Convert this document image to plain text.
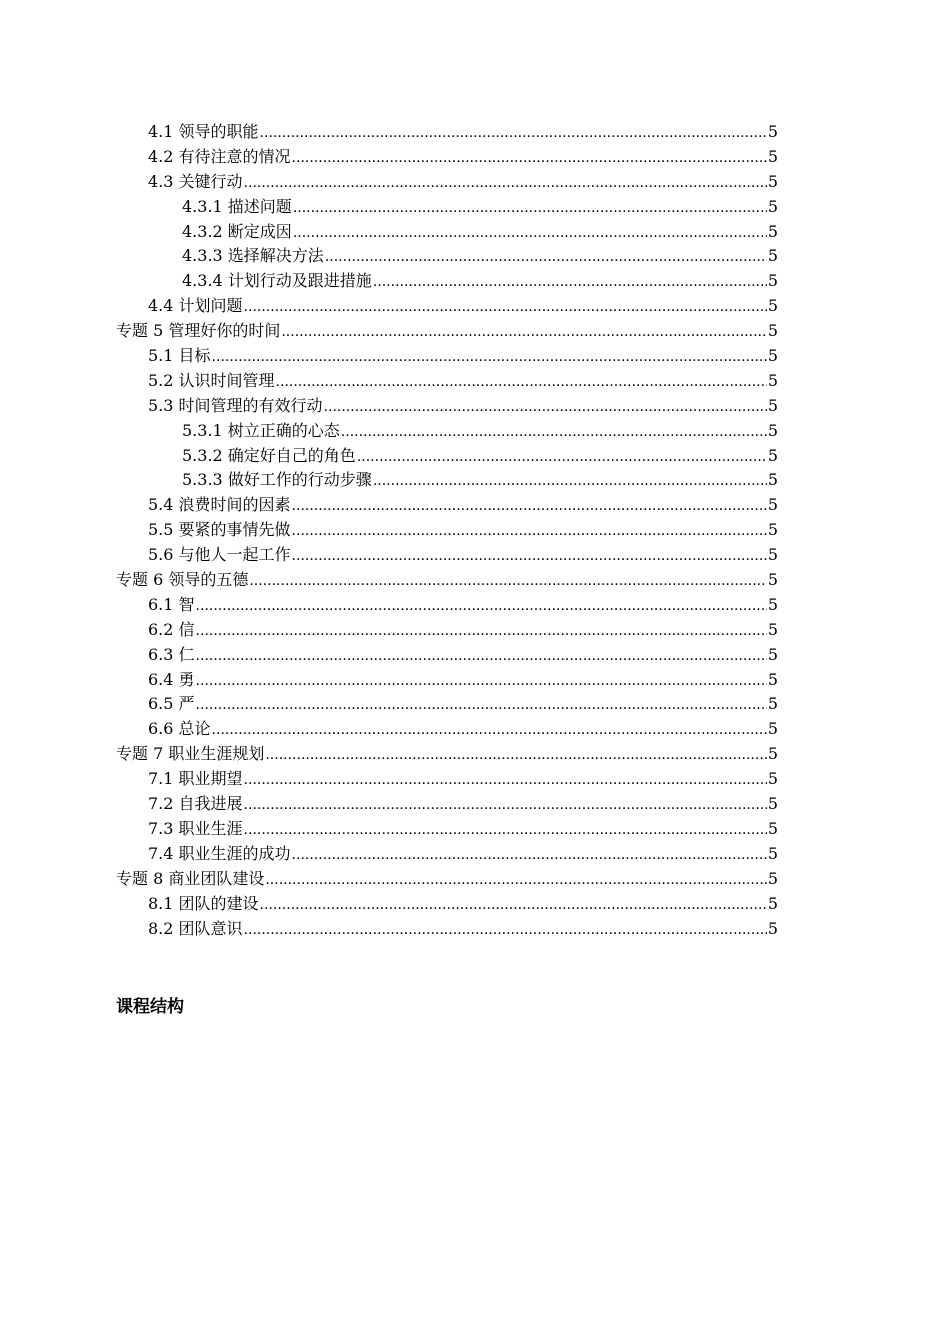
4.1 领导的职能 .....	5
4.2 有待注意的情况 .....	5
4.3 关键行动 .....	5
4.3.1 描述问题 .....	5
4.3.2 断定成因 .....	5
4.3.3 选择解决方法 .....	5
4.3.4 计划行动及跟进措施 .....	5
4.4 计划问题 .....	5
专题 5 管理好你的时间 .....	5
5.1 目标 .....	5
5.2 认识时间管理 .....	5
5.3 时间管理的有效行动 .....	5
5.3.1 树立正确的心态 .....	5
5.3.2 确定好自己的角色 .....	5
5.3.3 做好工作的行动步骤 .....	5
5.4 浪费时间的因素 .....	5
5.5 要紧的事情先做 .....	5
5.6 与他人一起工作 .....	5
专题 6 领导的五德 .....	5
6.1 智 .....	5
6.2 信 .....	5
6.3 仁 .....	5
6.4 勇 .....	5
6.5 严 .....	5
6.6 总论 .....	5
专题 7 职业生涯规划 .....	5
7.1 职业期望 .....	5
7.2 自我进展 .....	5
7.3 职业生涯 .....	5
7.4 职业生涯的成功 .....	5
专题 8 商业团队建设 .....	5
8.1 团队的建设 .....	5
8.2 团队意识 .....	5
课程结构
